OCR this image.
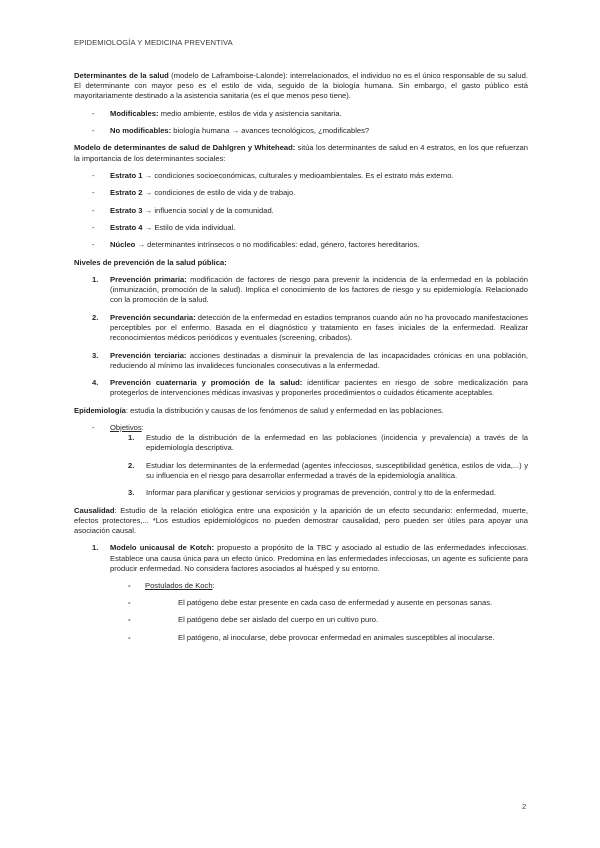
EPIDEMIOLOGÍA Y MEDICINA PREVENTIVA

Determinantes de la salud (modelo de Laframboise-Lalonde): interrelacionados, el individuo no es el único responsable de su salud. El determinante con mayor peso es el estilo de vida, seguido de la biología humana. Sin embargo, el gasto público está mayoritariamente destinado a la asistencia sanitaria (es el que menos peso tiene).

- Modificables: medio ambiente, estilos de vida y asistencia sanitaria.
- No modificables: biología humana → avances tecnológicos, ¿modificables?

Modelo de determinantes de salud de Dahlgren y Whitehead: sitúa los determinantes de salud en 4 estratos, en los que refuerzan la importancia de los determinantes sociales:

- Estrato 1 → condiciones socioeconómicas, culturales y medioambientales. Es el estrato más externo.
- Estrato 2 → condiciones de estilo de vida y de trabajo.
- Estrato 3 → influencia social y de la comunidad.
- Estrato 4 → Estilo de vida individual.
- Núcleo → determinantes intrínsecos o no modificables: edad, género, factores hereditarios.

Niveles de prevención de la salud pública:

1. Prevención primaria: modificación de factores de riesgo para prevenir la incidencia de la enfermedad en la población (inmunización, promoción de la salud). Implica el conocimiento de los factores de riesgo y su epidemiología. Relacionado con la promoción de la salud.
2. Prevención secundaria: detección de la enfermedad en estadios tempranos cuando aún no ha provocado manifestaciones perceptibles por el enfermo. Basada en el diagnóstico y tratamiento en fases iniciales de la enfermedad. Realizar reconocimientos médicos periódicos y eventuales (screening, cribados).
3. Prevención terciaria: acciones destinadas a disminuir la prevalencia de las incapacidades crónicas en una población, reduciendo al mínimo las invalideces funcionales consecutivas a la enfermedad.
4. Prevención cuaternaria y promoción de la salud: identificar pacientes en riesgo de sobre medicalización para protegerlos de intervenciones médicas invasivas y proponerles procedimientos o cuidados éticamente aceptables.

Epidemiología: estudia la distribución y causas de los fenómenos de salud y enfermedad en las poblaciones.

- Objetivos:
1. Estudio de la distribución de la enfermedad en las poblaciones (incidencia y prevalencia) a través de la epidemiología descriptiva.
2. Estudiar los determinantes de la enfermedad (agentes infecciosos, susceptibilidad genética, estilos de vida,...) y su influencia en el riesgo para desarrollar enfermedad a través de la epidemiología analítica.
3. Informar para planificar y gestionar servicios y programas de prevención, control y tto de la enfermedad.

Causalidad: Estudio de la relación etiológica entre una exposición y la aparición de un efecto secundario: enfermedad, muerte, efectos protectores,... *Los estudios epidemiológicos no pueden demostrar causalidad, pero pueden ser útiles para apoyar una asociación causal.

1. Modelo unicausal de Kotch: propuesto a propósito de la TBC y asociado al estudio de las enfermedades infecciosas. Establece una causa única para un efecto único. Predomina en las enfermedades infecciosas, un agente es suficiente para producir enfermedad. No considera factores asociados al huésped y su entorno.
- Postulados de Koch:
-	El patógeno debe estar presente en cada caso de enfermedad y ausente en personas sanas.
-	El patógeno debe ser aislado del cuerpo en un cultivo puro.
-	El patógeno, al inocularse, debe provocar enfermedad en animales susceptibles al inocularse.
2
